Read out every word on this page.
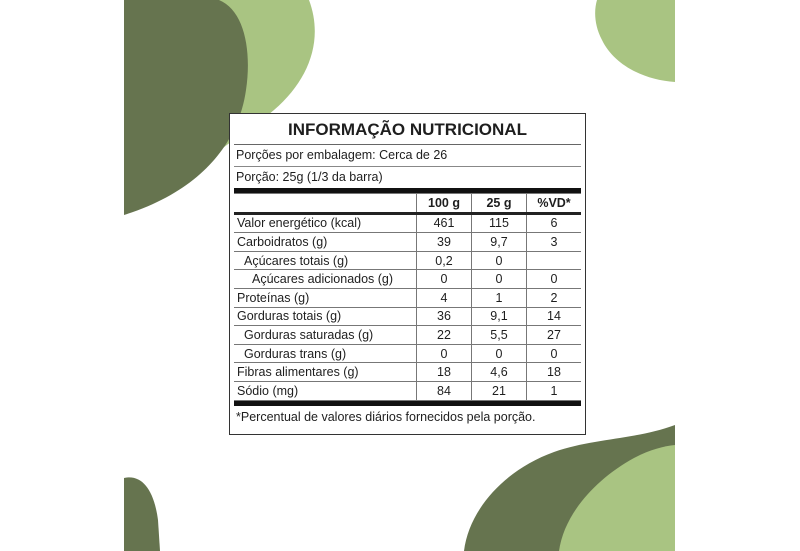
INFORMAÇÃO NUTRICIONAL
Porções por embalagem: Cerca de 26
Porção: 25g (1/3 da barra)
	100 g	25 g	%VD*
Valor energético (kcal)	461	115	6
Carboidratos (g)	39	9,7	3
Açúcares totais (g)	0,2	0	
Açúcares adicionados (g)	0	0	0
Proteínas (g)	4	1	2
Gorduras totais (g)	36	9,1	14
Gorduras saturadas (g)	22	5,5	27
Gorduras trans (g)	0	0	0
Fibras alimentares (g)	18	4,6	18
Sódio (mg)	84	21	1
*Percentual de valores diários fornecidos pela porção.
